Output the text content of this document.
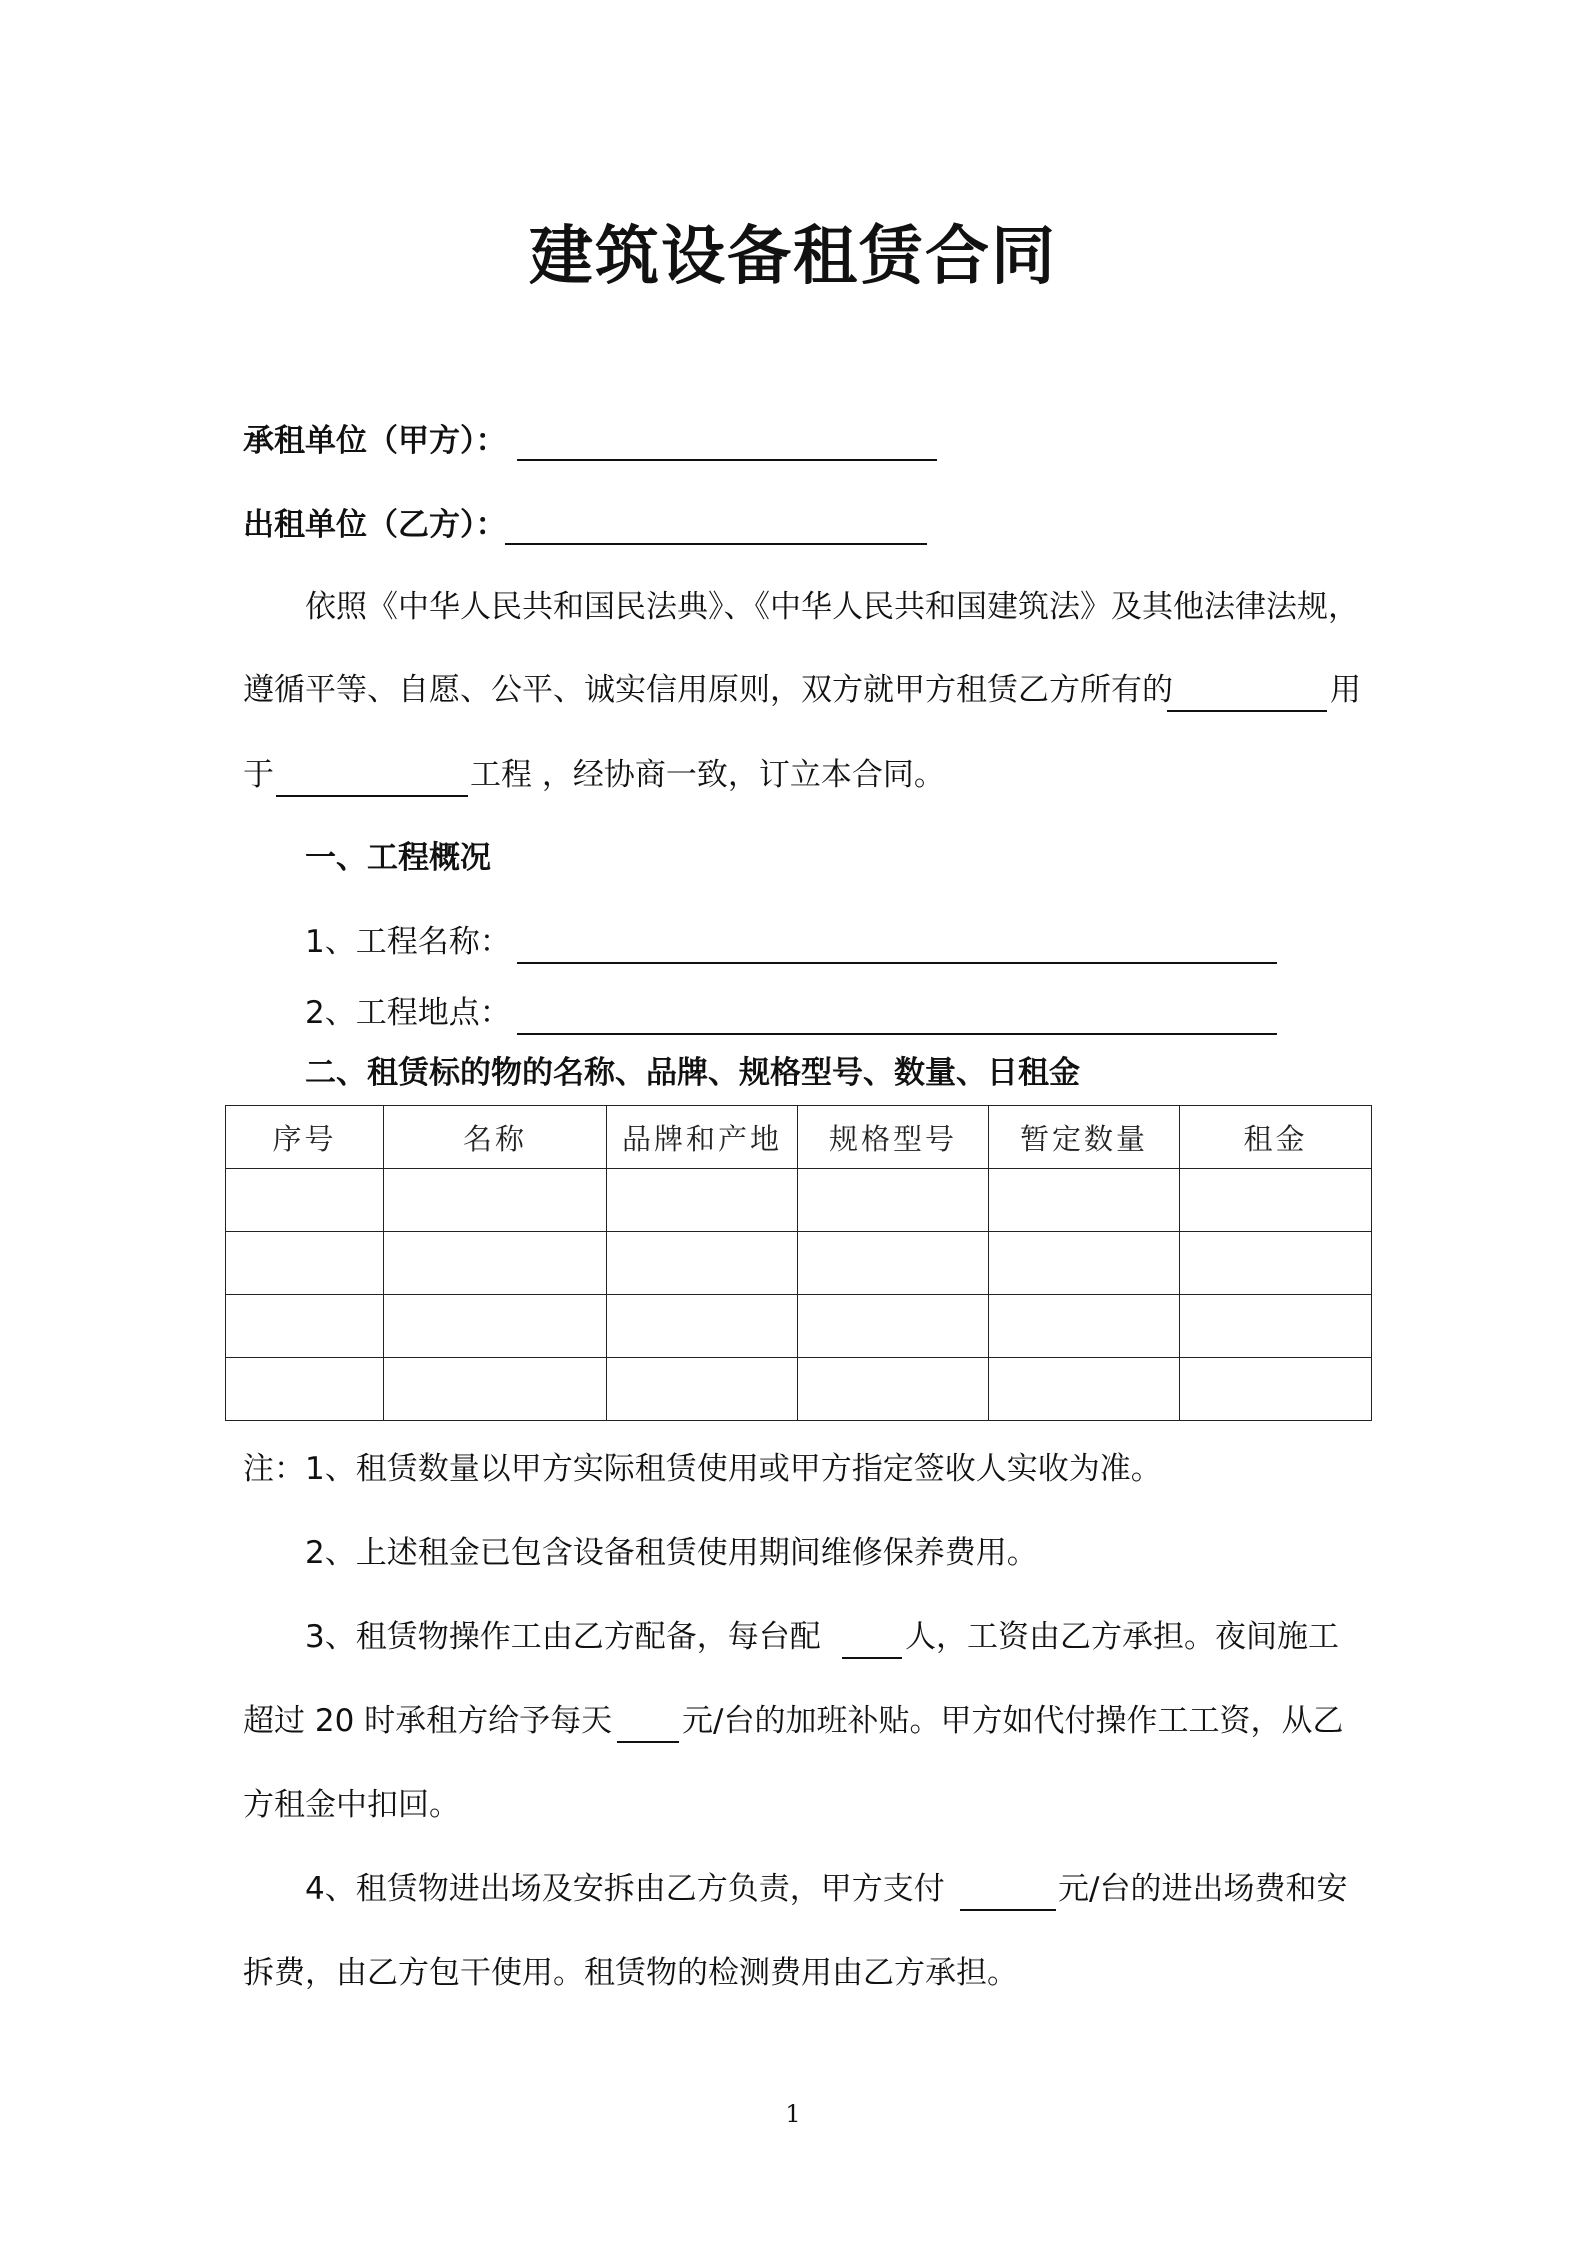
建筑设备租赁合同
承租单位（甲方）：
出租单位（乙方）：
依照《中华人民共和国民法典》、《中华人民共和国建筑法》及其他法律法规，
遵循平等、自愿、公平、诚实信用原则，双方就甲方租赁乙方所有的	用
于	工程 ，经协商一致，订立本合同。
一、工程概况
1、工程名称：
2、工程地点：
二、租赁标的物的名称、品牌、规格型号、数量、日租金
序号	名称	品牌和产地	规格型号	暂定数量	租金

注：1、租赁数量以甲方实际租赁使用或甲方指定签收人实收为准。
2、上述租金已包含设备租赁使用期间维修保养费用。
3、租赁物操作工由乙方配备，每台配	人，工资由乙方承担。夜间施工
超过 20 时承租方给予每天 元/台的加班补贴。甲方如代付操作工工资，从乙
方租金中扣回。
4、租赁物进出场及安拆由乙方负责，甲方支付	元/台的进出场费和安
拆费，由乙方包干使用。租赁物的检测费用由乙方承担。
1
